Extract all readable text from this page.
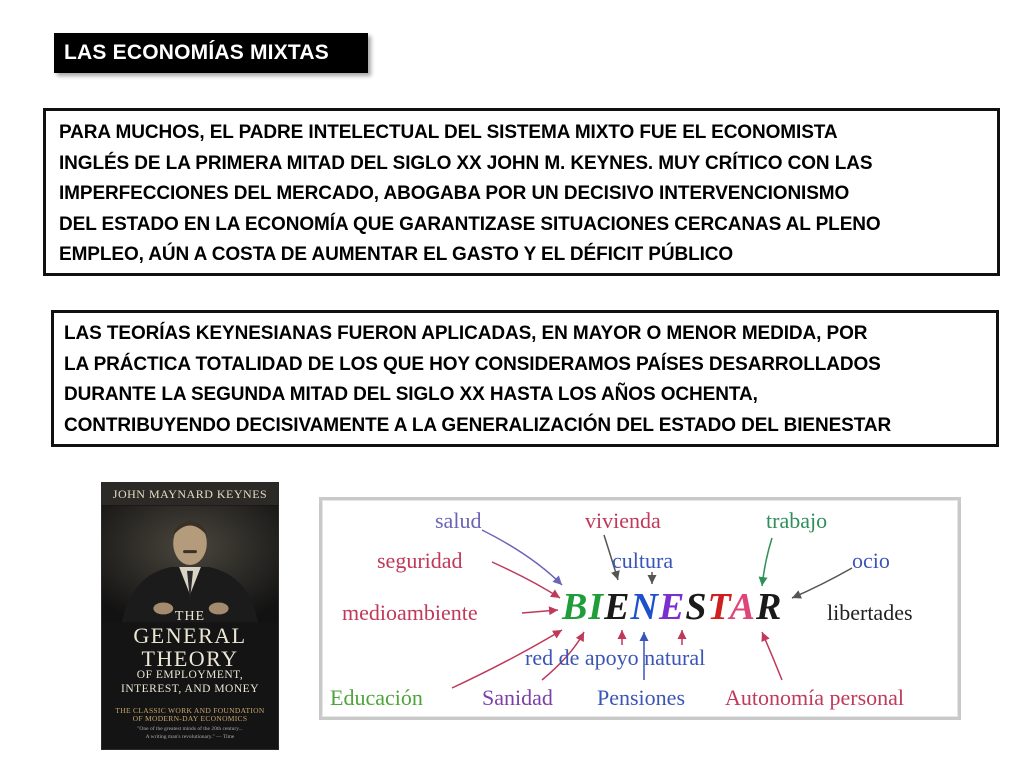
LAS ECONOMÍAS MIXTAS
PARA MUCHOS, EL PADRE INTELECTUAL DEL SISTEMA MIXTO FUE EL ECONOMISTA
INGLÉS DE LA PRIMERA MITAD DEL SIGLO XX JOHN M. KEYNES. MUY CRÍTICO CON LAS
IMPERFECCIONES DEL MERCADO, ABOGABA POR UN DECISIVO INTERVENCIONISMO
DEL ESTADO EN LA ECONOMÍA QUE GARANTIZASE SITUACIONES CERCANAS AL PLENO
EMPLEO, AÚN A COSTA DE AUMENTAR EL GASTO Y EL DÉFICIT PÚBLICO
LAS TEORÍAS KEYNESIANAS FUERON APLICADAS, EN MAYOR O MENOR MEDIDA, POR
LA PRÁCTICA TOTALIDAD DE LOS QUE HOY CONSIDERAMOS PAÍSES DESARROLLADOS
DURANTE LA SEGUNDA MITAD DEL SIGLO XX HASTA LOS AÑOS OCHENTA,
CONTRIBUYENDO DECISIVAMENTE A LA GENERALIZACIÓN DEL ESTADO DEL BIENESTAR
JOHN MAYNARD KEYNES
THE
GENERAL
THEORY
OF EMPLOYMENT,
INTEREST, AND MONEY
THE CLASSIC WORK AND FOUNDATION
OF MODERN-DAY ECONOMICS
"One of the greatest minds of the 20th century...
A writing man's revolutionary." — Time
salud	vivienda	trabajo
seguridad	cultura	ocio
medioambiente	libertades
red de apoyo natural
Educación	Sanidad Pensiones Autonomía personal
BIENESTAR
